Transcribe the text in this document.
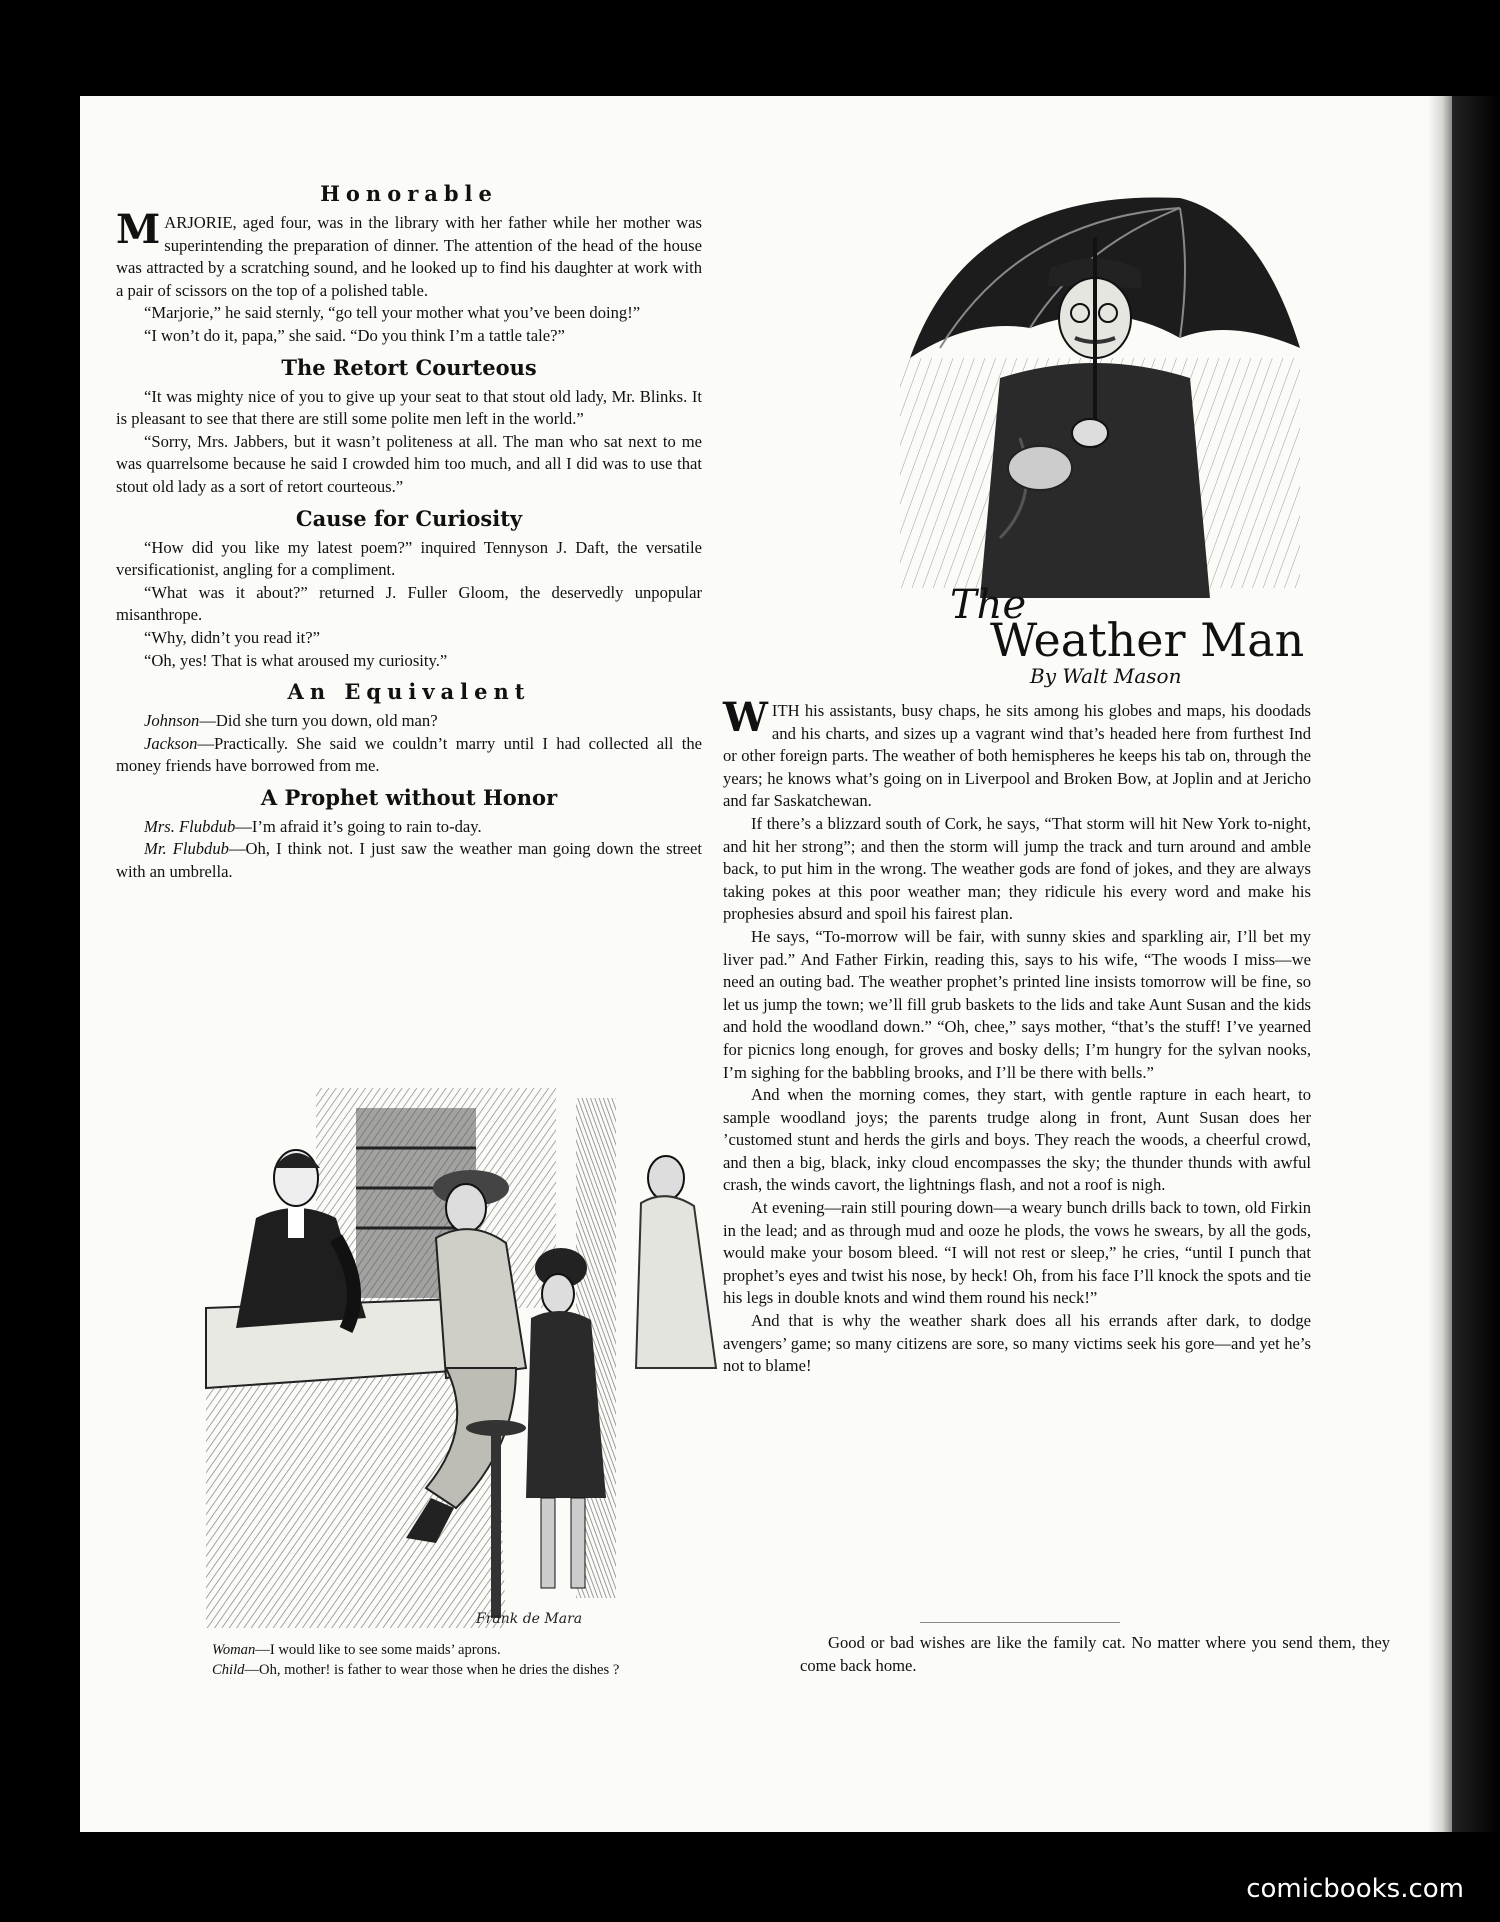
Honorable

MARJORIE, aged four, was in the library with her father while her mother was superintending the preparation of dinner. The attention of the head of the house was attracted by a scratching sound, and he looked up to find his daughter at work with a pair of scissors on the top of a polished table.

“Marjorie,” he said sternly, “go tell your mother what you’ve been doing!”

“I won’t do it, papa,” she said. “Do you think I’m a tattle tale?”

The Retort Courteous

“It was mighty nice of you to give up your seat to that stout old lady, Mr. Blinks. It is pleasant to see that there are still some polite men left in the world.”

“Sorry, Mrs. Jabbers, but it wasn’t politeness at all. The man who sat next to me was quarrelsome because he said I crowded him too much, and all I did was to use that stout old lady as a sort of retort courteous.”

Cause for Curiosity

“How did you like my latest poem?” inquired Tennyson J. Daft, the versatile versificationist, angling for a compliment.

“What was it about?” returned J. Fuller Gloom, the deservedly unpopular misanthrope.

“Why, didn’t you read it?”

“Oh, yes! That is what aroused my curiosity.”

An Equivalent

Johnson—Did she turn you down, old man?

Jackson—Practically. She said we couldn’t marry until I had collected all the money friends have borrowed from me.

A Prophet without Honor

Mrs. Flubdub—I’m afraid it’s going to rain to-day.

Mr. Flubdub—Oh, I think not. I just saw the weather man going down the street with an umbrella.

Frank de Mara
Woman—I would like to see some maids’ aprons.
Child—Oh, mother! is father to wear those when he dries the dishes ?
The
Weather Man
By Walt Mason

WITH his assistants, busy chaps, he sits among his globes and maps, his doodads and his charts, and sizes up a vagrant wind that’s headed here from furthest Ind or other foreign parts. The weather of both hemispheres he keeps his tab on, through the years; he knows what’s going on in Liverpool and Broken Bow, at Joplin and at Jericho and far Saskatchewan.

If there’s a blizzard south of Cork, he says, “That storm will hit New York to-night, and hit her strong”; and then the storm will jump the track and turn around and amble back, to put him in the wrong. The weather gods are fond of jokes, and they are always taking pokes at this poor weather man; they ridicule his every word and make his prophesies absurd and spoil his fairest plan.

He says, “To-morrow will be fair, with sunny skies and sparkling air, I’ll bet my liver pad.” And Father Firkin, reading this, says to his wife, “The woods I miss—we need an outing bad. The weather prophet’s printed line insists tomorrow will be fine, so let us jump the town; we’ll fill grub baskets to the lids and take Aunt Susan and the kids and hold the woodland down.” “Oh, chee,” says mother, “that’s the stuff! I’ve yearned for picnics long enough, for groves and bosky dells; I’m hungry for the sylvan nooks, I’m sighing for the babbling brooks, and I’ll be there with bells.”

And when the morning comes, they start, with gentle rapture in each heart, to sample woodland joys; the parents trudge along in front, Aunt Susan does her ’customed stunt and herds the girls and boys. They reach the woods, a cheerful crowd, and then a big, black, inky cloud encompasses the sky; the thunder thunds with awful crash, the winds cavort, the lightnings flash, and not a roof is nigh.

At evening—rain still pouring down—a weary bunch drills back to town, old Firkin in the lead; and as through mud and ooze he plods, the vows he swears, by all the gods, would make your bosom bleed. “I will not rest or sleep,” he cries, “until I punch that prophet’s eyes and twist his nose, by heck! Oh, from his face I’ll knock the spots and tie his legs in double knots and wind them round his neck!”

And that is why the weather shark does all his errands after dark, to dodge avengers’ game; so many citizens are sore, so many victims seek his gore—and yet he’s not to blame!

Good or bad wishes are like the family cat. No matter where you send them, they come back home.

comicbooks.com
